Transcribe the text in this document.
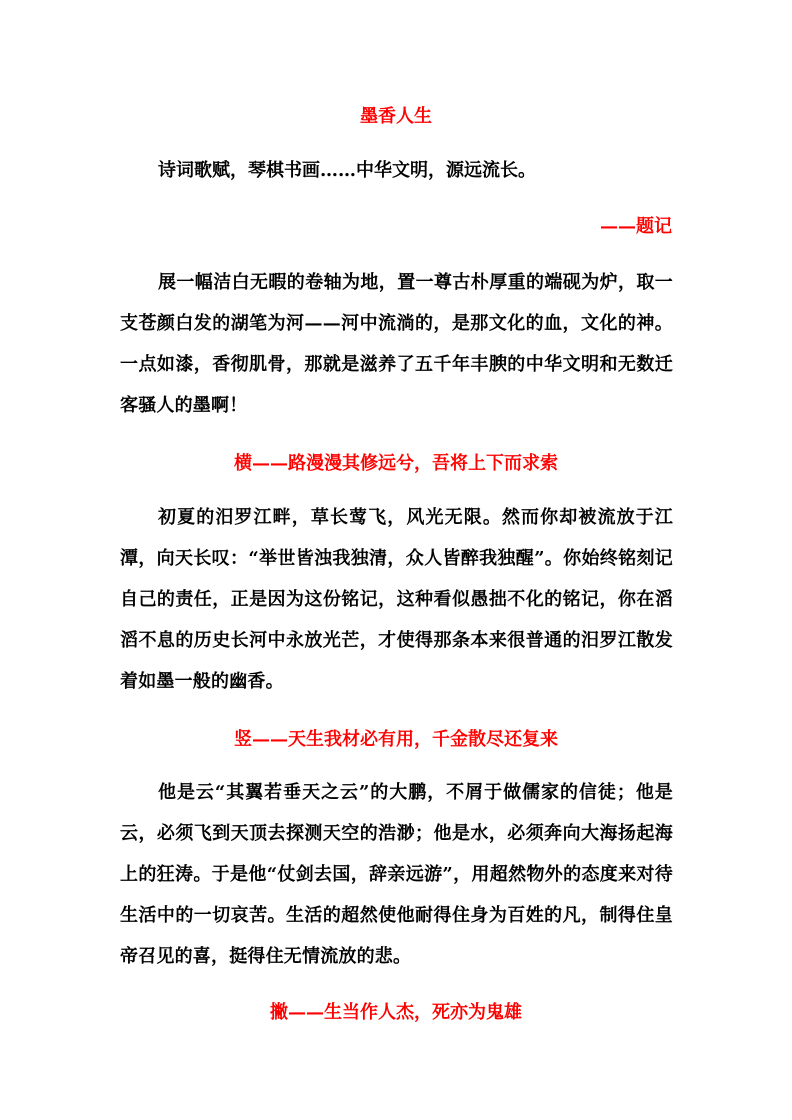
墨香人生
诗词歌赋，琴棋书画……中华文明，源远流长。
——题记
展一幅洁白无暇的卷轴为地，置一尊古朴厚重的端砚为炉，取一支苍颜白发的湖笔为河——河中流淌的，是那文化的血，文化的神。一点如漆，香彻肌骨，那就是滋养了五千年丰腴的中华文明和无数迁客骚人的墨啊！
横——路漫漫其修远兮，吾将上下而求索
初夏的汨罗江畔，草长莺飞，风光无限。然而你却被流放于江潭，向天长叹：“举世皆浊我独清，众人皆醉我独醒”。你始终铭刻记自己的责任，正是因为这份铭记，这种看似愚拙不化的铭记，你在滔滔不息的历史长河中永放光芒，才使得那条本来很普通的汨罗江散发着如墨一般的幽香。
竖——天生我材必有用，千金散尽还复来
他是云“其翼若垂天之云”的大鹏，不屑于做儒家的信徒；他是云，必须飞到天顶去探测天空的浩渺；他是水，必须奔向大海扬起海上的狂涛。于是他“仗剑去国，辞亲远游”，用超然物外的态度来对待生活中的一切哀苦。生活的超然使他耐得住身为百姓的凡，制得住皇帝召见的喜，挺得住无情流放的悲。
撇——生当作人杰，死亦为鬼雄
